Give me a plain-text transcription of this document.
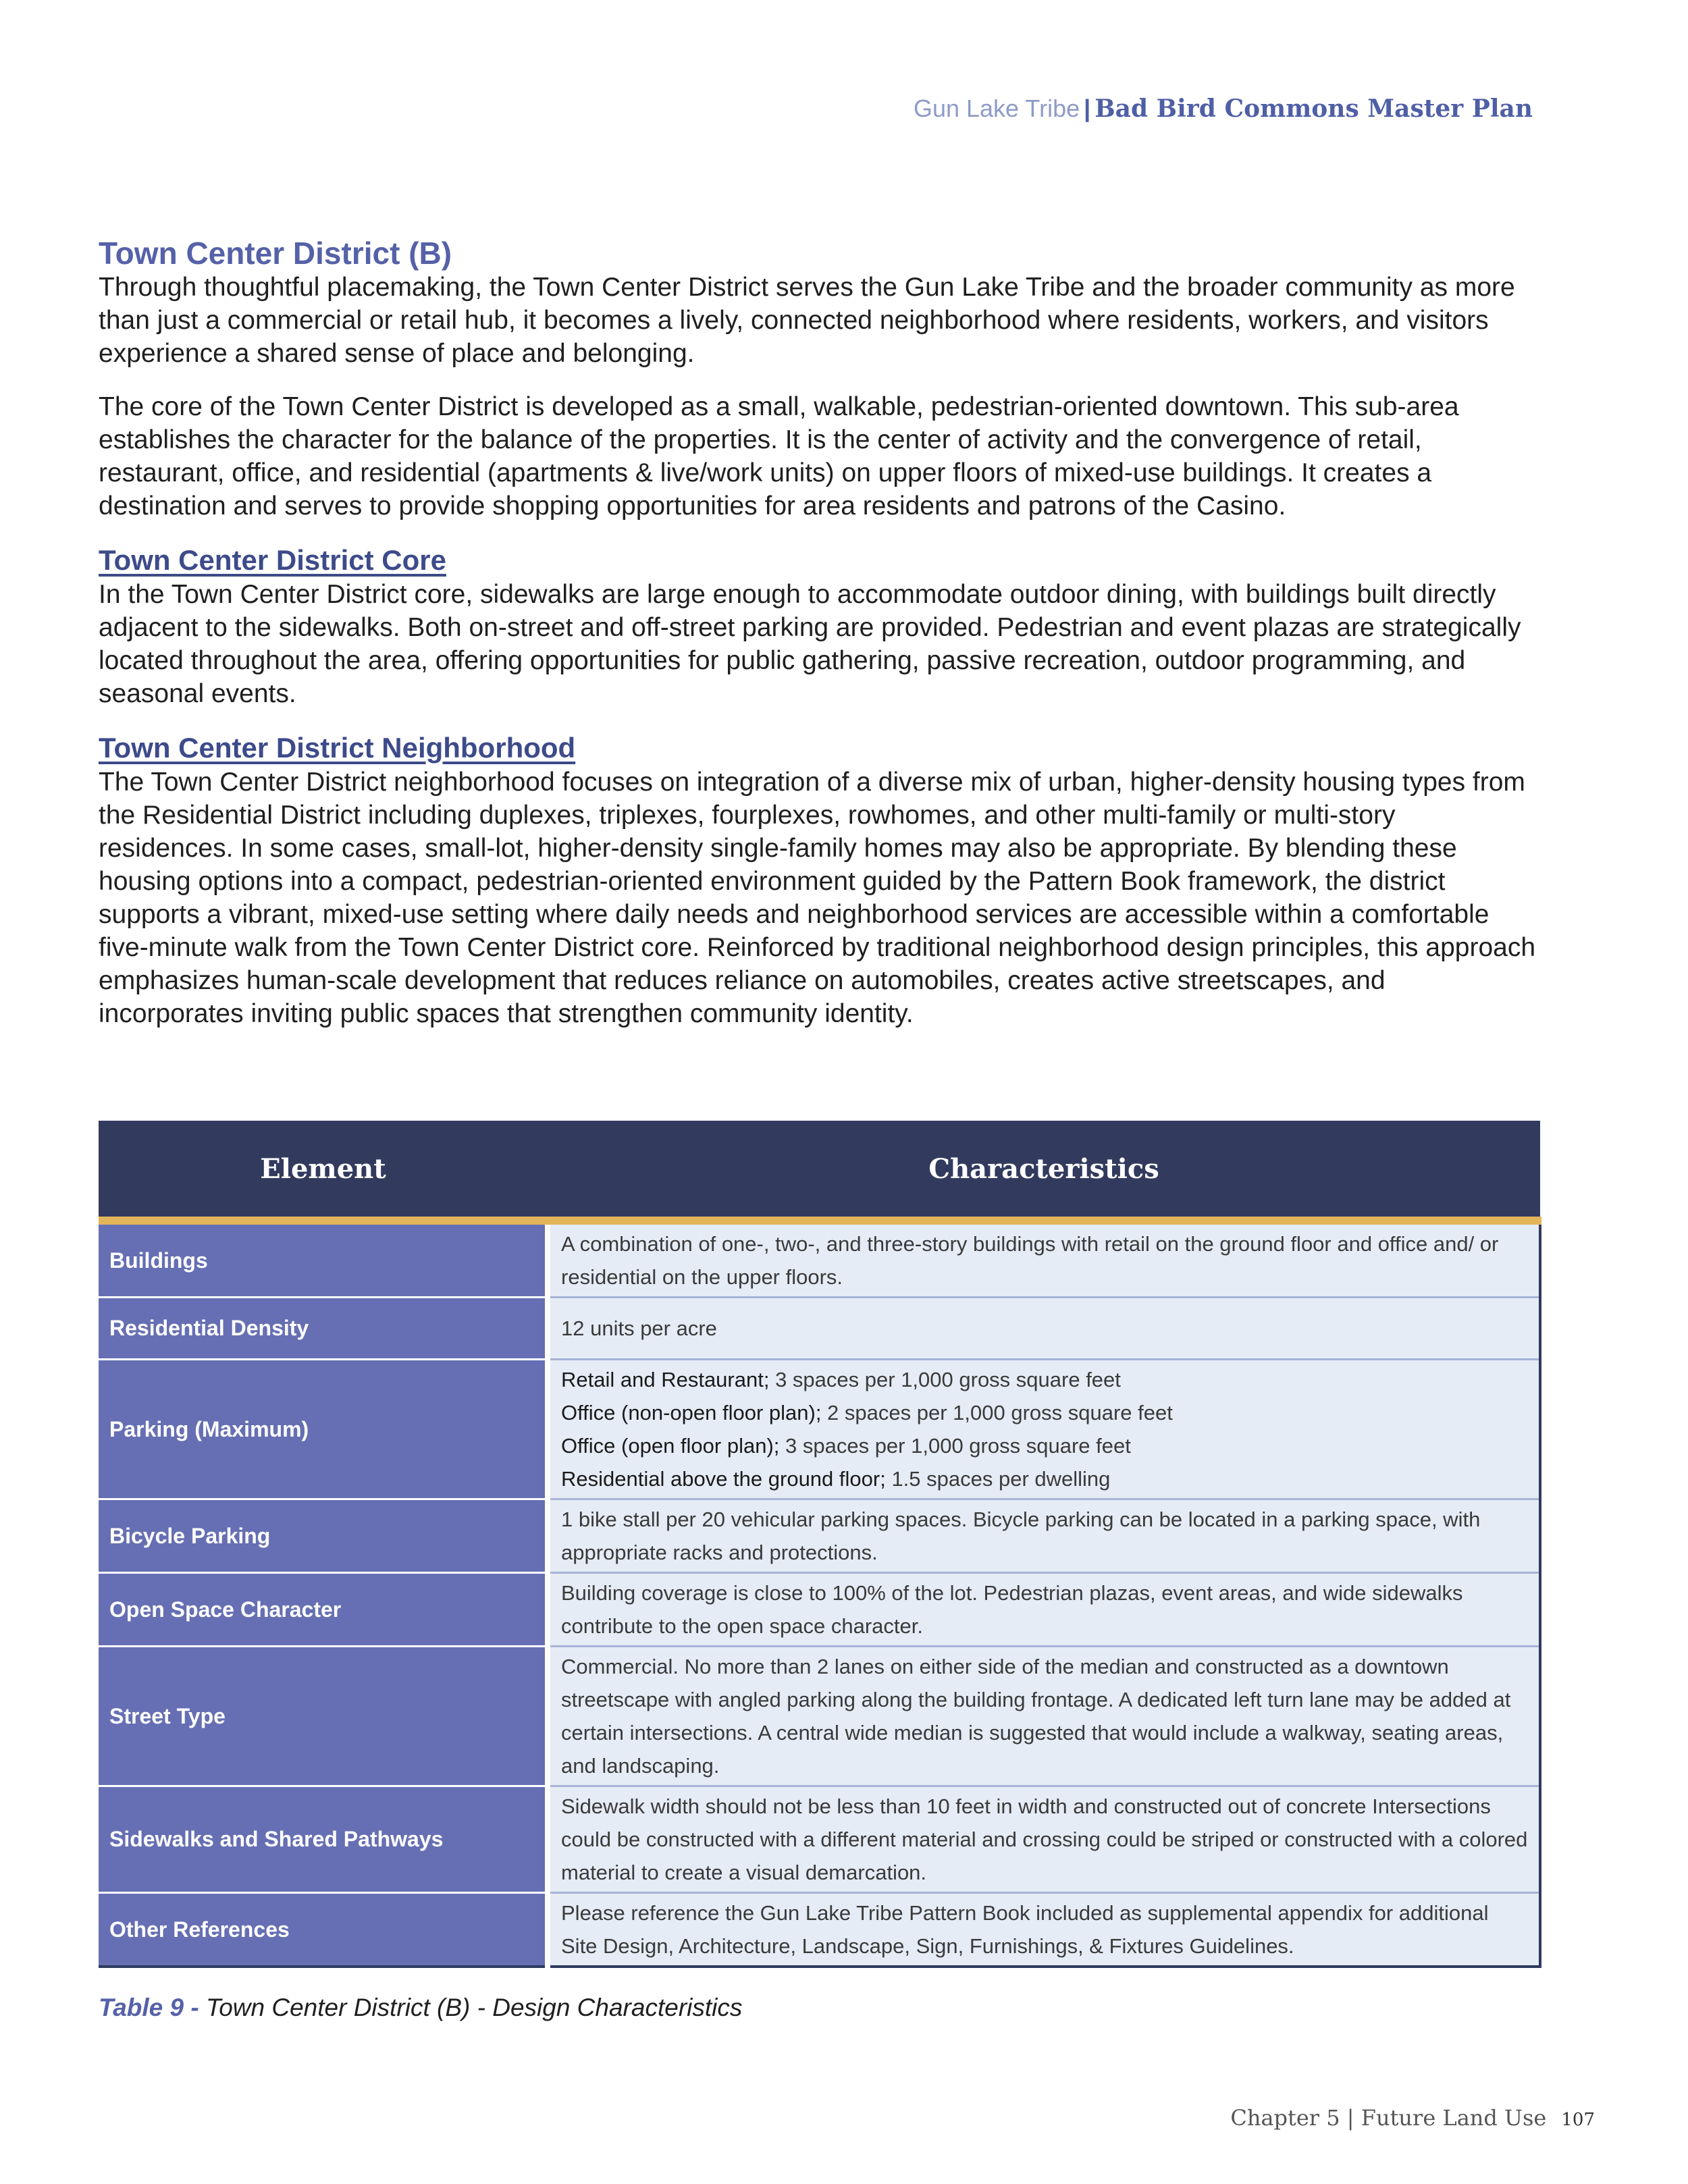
Gun Lake Tribe | Bad Bird Commons Master Plan
Town Center District (B)

Through thoughtful placemaking, the Town Center District serves the Gun Lake Tribe and the broader community as more than just a commercial or retail hub, it becomes a lively, connected neighborhood where residents, workers, and visitors experience a shared sense of place and belonging.

The core of the Town Center District is developed as a small, walkable, pedestrian-oriented downtown. This sub-area establishes the character for the balance of the properties. It is the center of activity and the convergence of retail, restaurant, office, and residential (apartments & live/work units) on upper floors of mixed-use buildings. It creates a destination and serves to provide shopping opportunities for area residents and patrons of the Casino.

Town Center District Core

In the Town Center District core, sidewalks are large enough to accommodate outdoor dining, with buildings built directly adjacent to the sidewalks. Both on-street and off-street parking are provided. Pedestrian and event plazas are strategically located throughout the area, offering opportunities for public gathering, passive recreation, outdoor programming, and seasonal events.

Town Center District Neighborhood

The Town Center District neighborhood focuses on integration of a diverse mix of urban, higher-density housing types from the Residential District including duplexes, triplexes, fourplexes, rowhomes, and other multi-family or multi-story residences. In some cases, small-lot, higher-density single-family homes may also be appropriate. By blending these housing options into a compact, pedestrian-oriented environment guided by the Pattern Book framework, the district supports a vibrant, mixed-use setting where daily needs and neighborhood services are accessible within a comfortable five-minute walk from the Town Center District core. Reinforced by traditional neighborhood design principles, this approach emphasizes human-scale development that reduces reliance on automobiles, creates active streetscapes, and incorporates inviting public spaces that strengthen community identity.

Element	Characteristics
Buildings	A combination of one-, two-, and three-story buildings with retail on the ground floor and office and/ or residential on the upper floors.
Residential Density	12 units per acre
Parking (Maximum)	Retail and Restaurant; 3 spaces per 1,000 gross square feet
Office (non-open floor plan); 2 spaces per 1,000 gross square feet
Office (open floor plan); 3 spaces per 1,000 gross square feet
Residential above the ground floor; 1.5 spaces per dwelling

Bicycle Parking	1 bike stall per 20 vehicular parking spaces. Bicycle parking can be located in a parking space, with appropriate racks and protections.
Open Space Character	Building coverage is close to 100% of the lot. Pedestrian plazas, event areas, and wide sidewalks contribute to the open space character.
Street Type	Commercial. No more than 2 lanes on either side of the median and constructed as a downtown streetscape with angled parking along the building frontage. A dedicated left turn lane may be added at certain intersections. A central wide median is suggested that would include a walkway, seating areas, and landscaping.
Sidewalks and Shared Pathways	Sidewalk width should not be less than 10 feet in width and constructed out of concrete Intersections could be constructed with a different material and crossing could be striped or constructed with a colored material to create a visual demarcation.
Other References	Please reference the Gun Lake Tribe Pattern Book included as supplemental appendix for additional Site Design, Architecture, Landscape, Sign, Furnishings, & Fixtures Guidelines.
Table 9 - Town Center District (B) - Design Characteristics
Chapter 5 | Future Land Use 107
